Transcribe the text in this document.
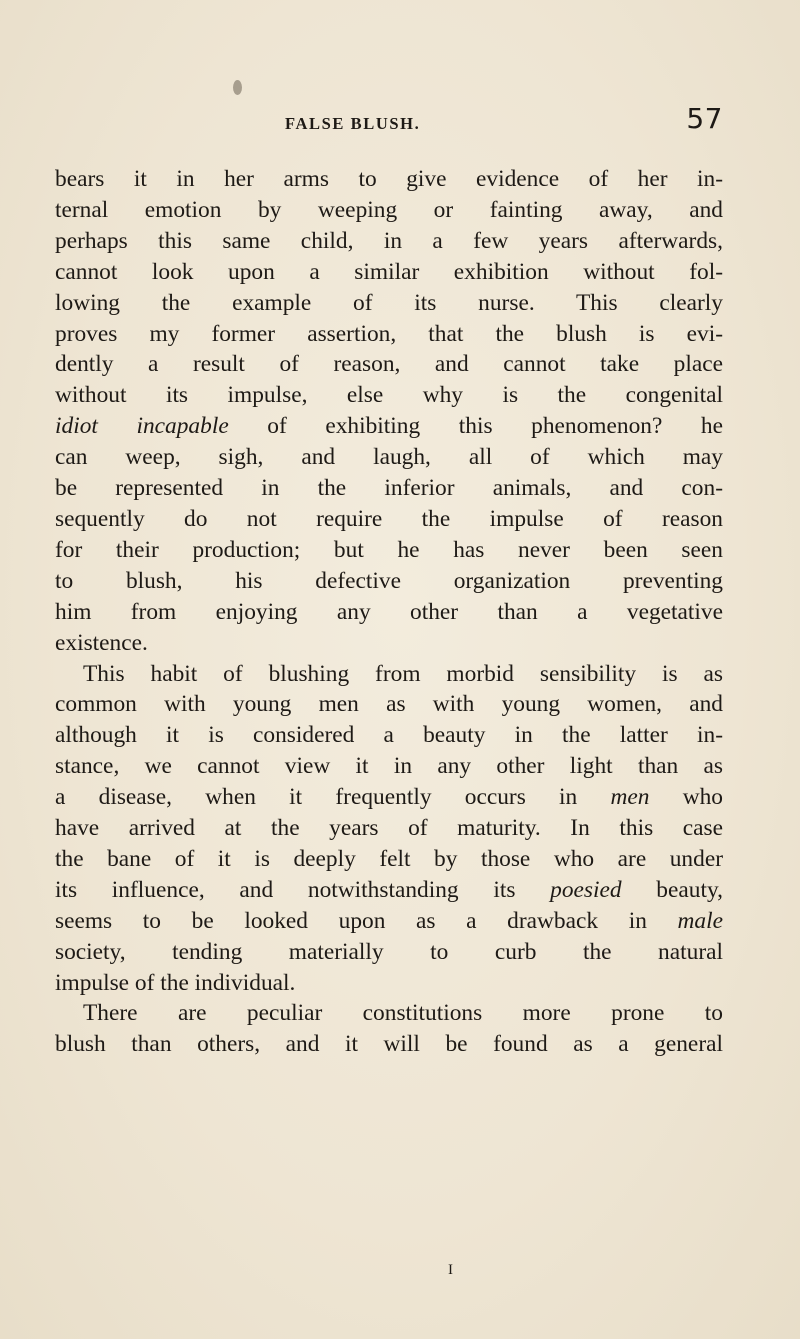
FALSE BLUSH.	57
bears it in her arms to give evidence of her in-
ternal emotion by weeping or fainting away, and
perhaps this same child, in a few years afterwards,
cannot look upon a similar exhibition without fol-
lowing the example of its nurse. This clearly
proves my former assertion, that the blush is evi-
dently a result of reason, and cannot take place
without its impulse, else why is the congenital
idiot incapable of exhibiting this phenomenon? he
can weep, sigh, and laugh, all of which may
be represented in the inferior animals, and con-
sequently do not require the impulse of reason
for their production; but he has never been seen
to blush, his defective organization preventing
him from enjoying any other than a vegetative
existence.
This habit of blushing from morbid sensibility is as
common with young men as with young women, and
although it is considered a beauty in the latter in-
stance, we cannot view it in any other light than as
a disease, when it frequently occurs in men who
have arrived at the years of maturity. In this case
the bane of it is deeply felt by those who are under
its influence, and notwithstanding its poesied beauty,
seems to be looked upon as a drawback in male
society, tending materially to curb the natural
impulse of the individual.
There are peculiar constitutions more prone to
blush than others, and it will be found as a general
I
